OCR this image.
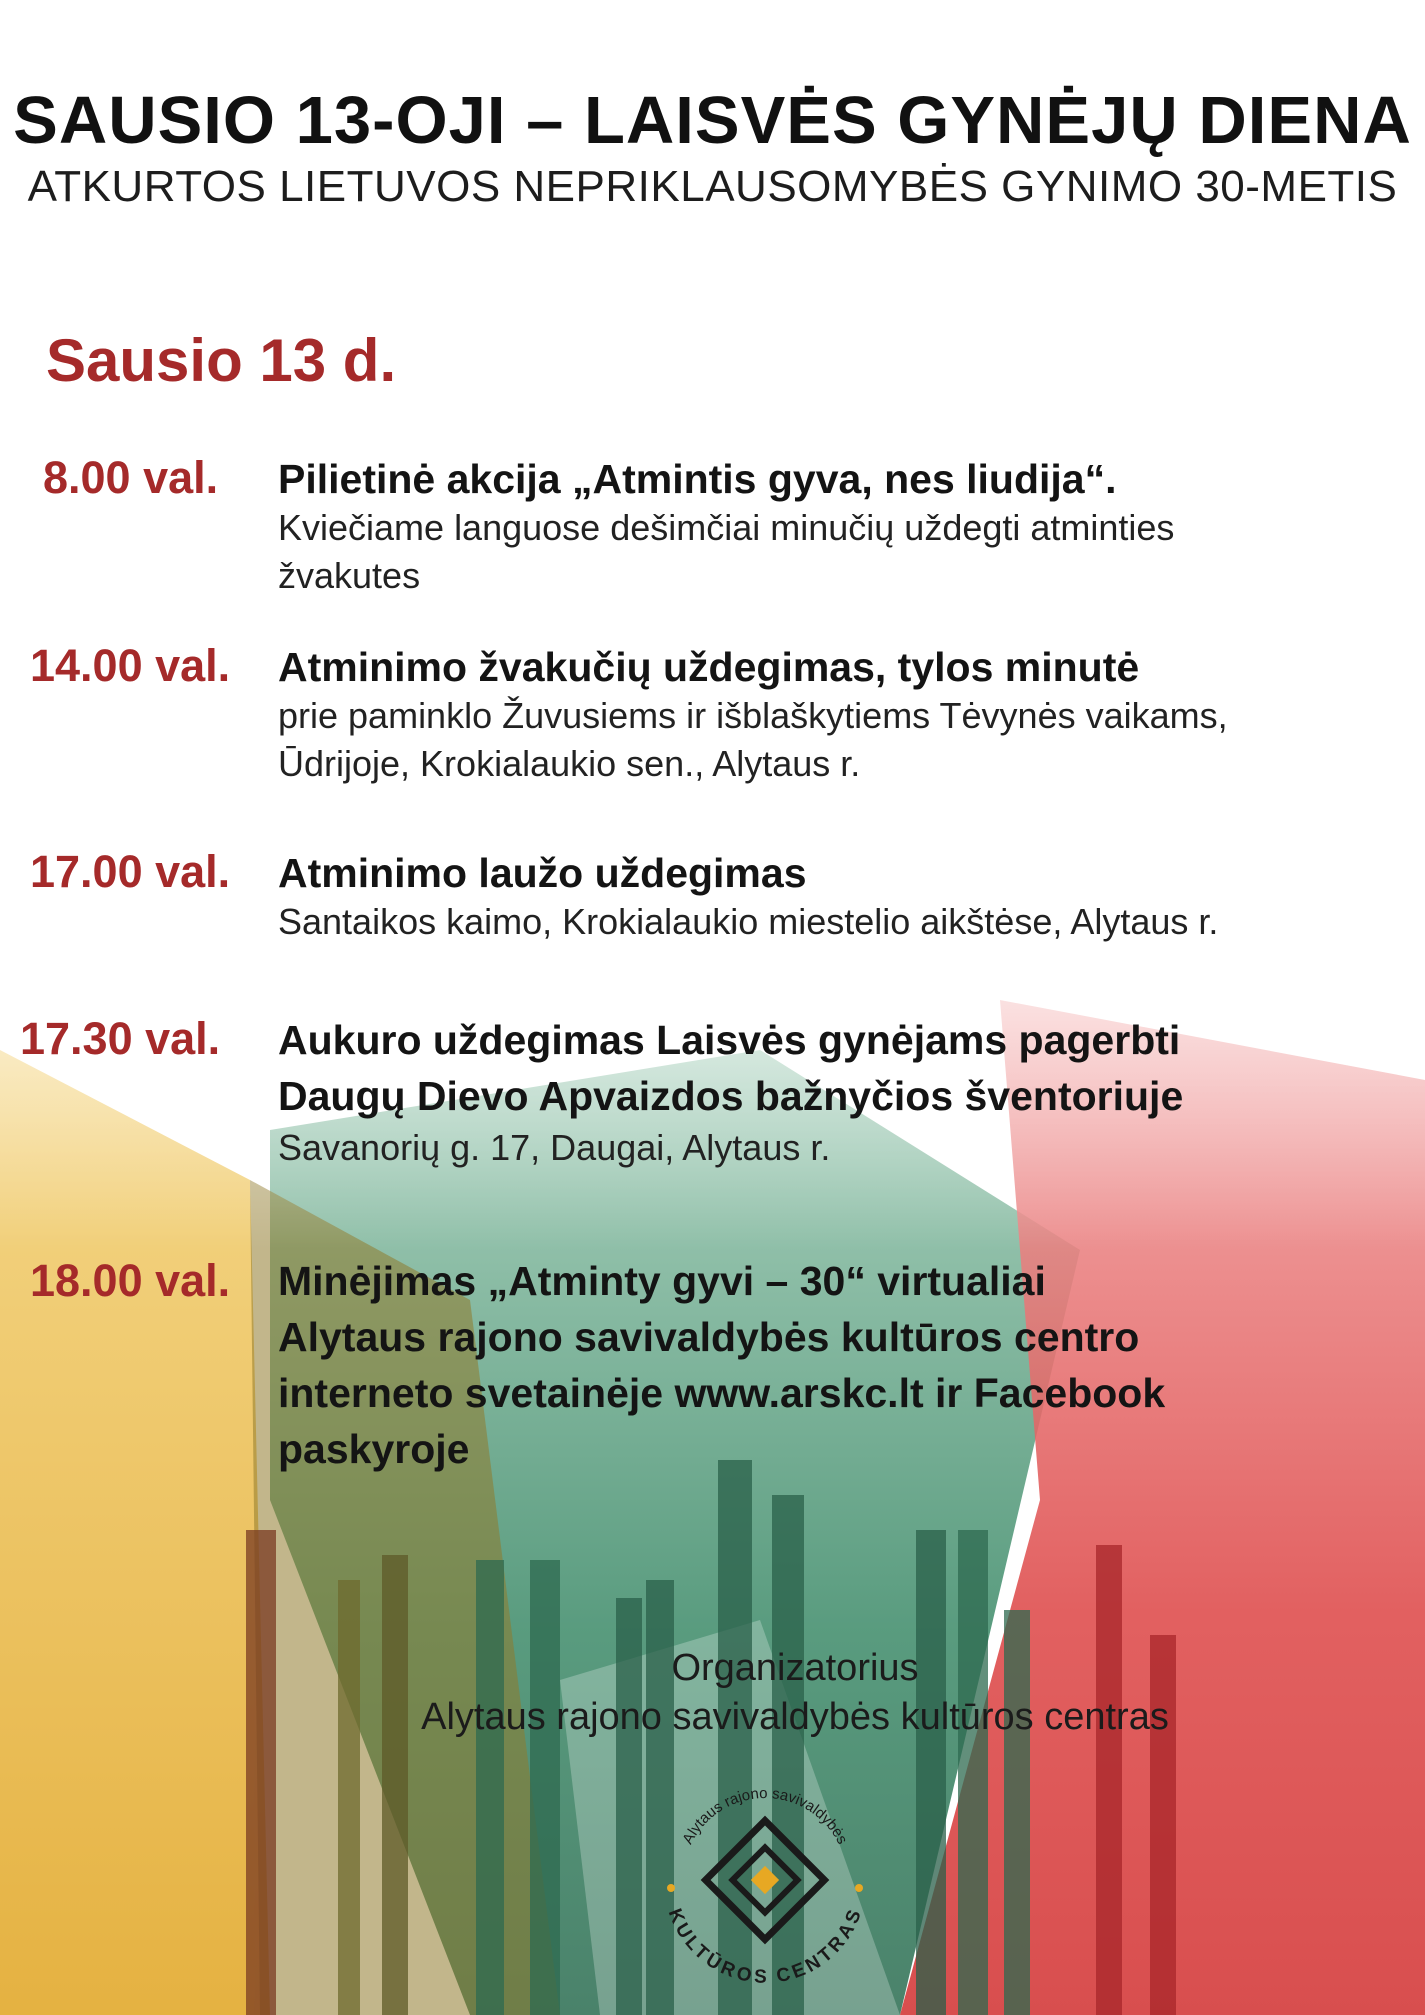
SAUSIO 13-OJI – LAISVĖS GYNĖJŲ DIENA
ATKURTOS LIETUVOS NEPRIKLAUSOMYBĖS GYNIMO 30-METIS
Sausio 13 d.
8.00 val. Pilietinė akcija „Atmintis gyva, nes liudija“.
Kviečiame languose dešimčiai minučių uždegti atminties
žvakutes
14.00 val. Atminimo žvakučių uždegimas, tylos minutė
prie paminklo Žuvusiems ir išblaškytiems Tėvynės vaikams,
Ūdrijoje, Krokialaukio sen., Alytaus r.
17.00 val. Atminimo laužo uždegimas
Santaikos kaimo, Krokialaukio miestelio aikštėse, Alytaus r.
17.30 val. Aukuro uždegimas Laisvės gynėjams pagerbti
Daugų Dievo Apvaizdos bažnyčios šventoriuje
Savanorių g. 17, Daugai, Alytaus r.
18.00 val. Minėjimas „Atminty gyvi – 30“ virtualiai
Alytaus rajono savivaldybės kultūros centro
interneto svetainėje www.arskc.lt ir Facebook
paskyroje
Organizatorius
Alytaus rajono savivaldybės kultūros centras
Alytaus rajono savivaldybės
KULTŪROS CENTRAS
